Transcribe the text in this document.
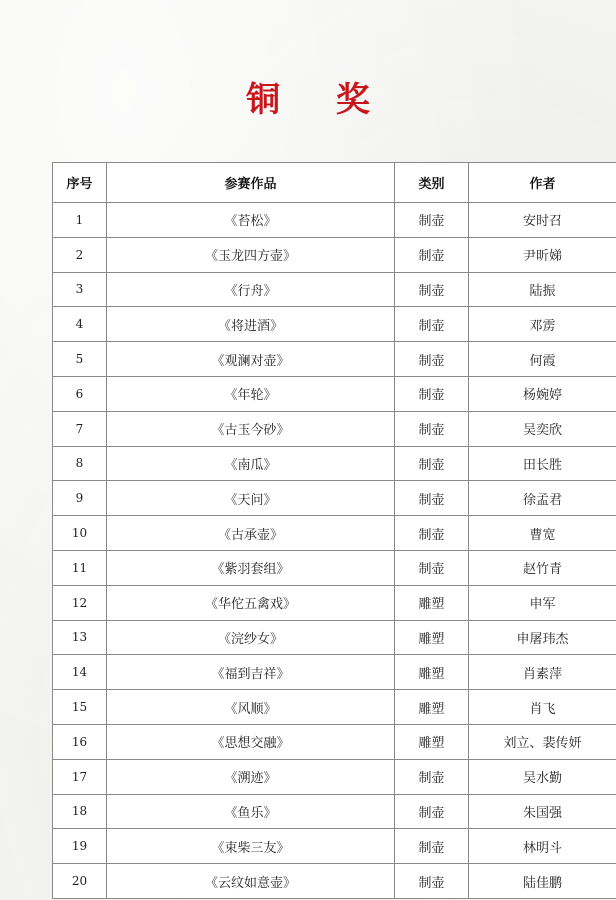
铜 奖
序号	参赛作品	类别	作者
1	《苔松》	制壶	安时召
2	《玉龙四方壶》	制壶	尹昕娣
3	《行舟》	制壶	陆振
4	《将进酒》	制壶	邓雳
5	《观澜对壶》	制壶	何霞
6	《年轮》	制壶	杨婉婷
7	《古玉今砂》	制壶	吴奕欣
8	《南瓜》	制壶	田长胜
9	《天问》	制壶	徐孟君
10	《古承壶》	制壶	曹宽
11	《紫羽套组》	制壶	赵竹青
12	《华佗五禽戏》	雕塑	申军
13	《浣纱女》	雕塑	申屠玮杰
14	《福到吉祥》	雕塑	肖素萍
15	《风顺》	雕塑	肖飞
16	《思想交融》	雕塑	刘立、裴传妍
17	《溯迹》	制壶	吴水勤
18	《鱼乐》	制壶	朱国强
19	《束柴三友》	制壶	林明斗
20	《云纹如意壶》	制壶	陆佳鹏
